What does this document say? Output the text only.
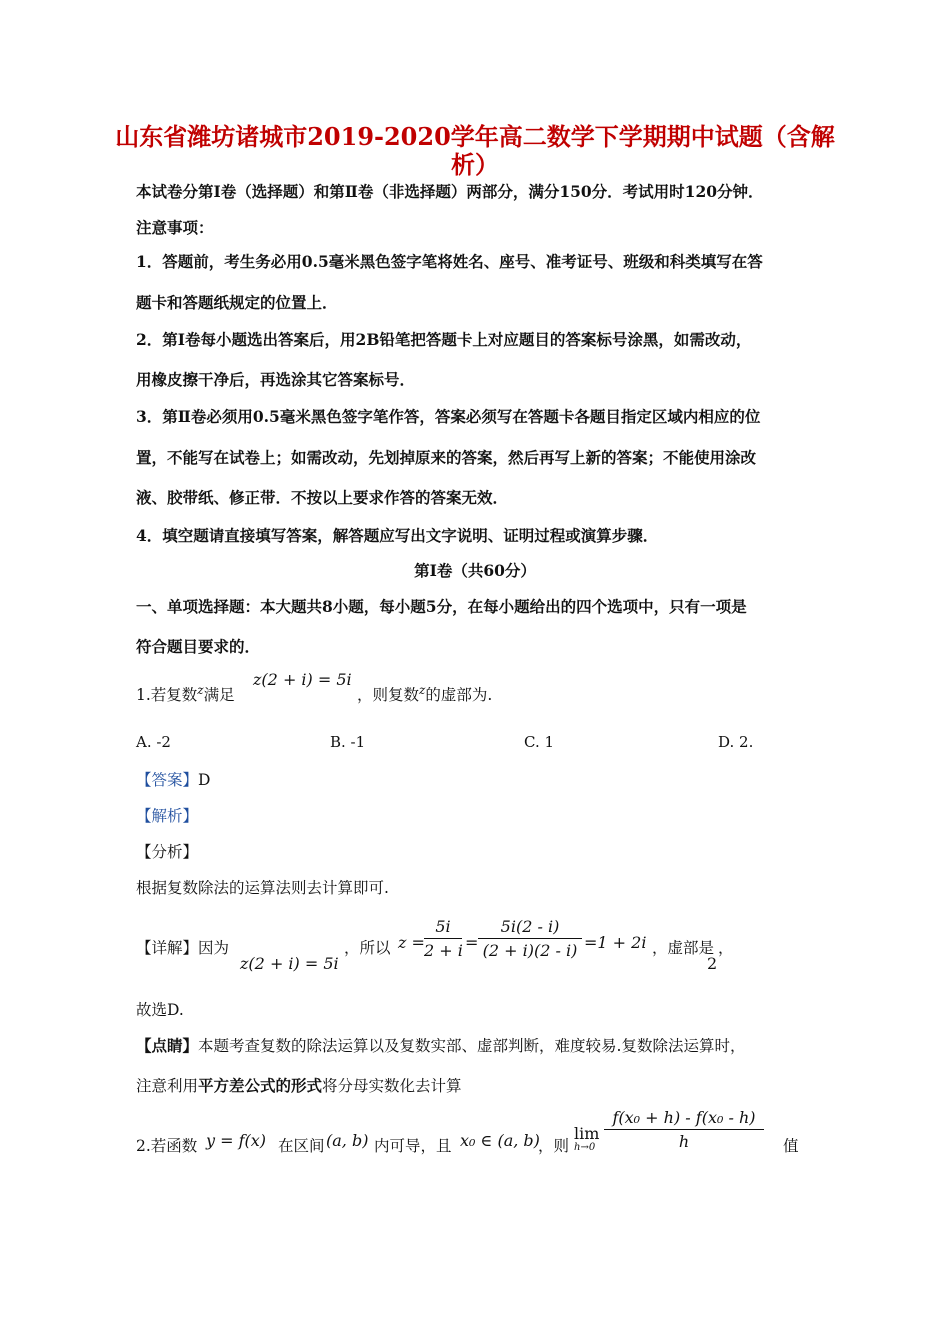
山东省潍坊诸城市2019-2020学年高二数学下学期期中试题（含解
析）
本试卷分第Ⅰ卷（选择题）和第Ⅱ卷（非选择题）两部分，满分150分．考试用时120分钟．
注意事项：
1．答题前，考生务必用0.5毫米黑色签字笔将姓名、座号、准考证号、班级和科类填写在答
题卡和答题纸规定的位置上．
2．第Ⅰ卷每小题选出答案后，用2B铅笔把答题卡上对应题目的答案标号涂黑，如需改动，
用橡皮擦干净后，再选涂其它答案标号．
3．第Ⅱ卷必须用0.5毫米黑色签字笔作答，答案必须写在答题卡各题目指定区域内相应的位
置，不能写在试卷上；如需改动，先划掉原来的答案，然后再写上新的答案；不能使用涂改
液、胶带纸、修正带．不按以上要求作答的答案无效．
4．填空题请直接填写答案，解答题应写出文字说明、证明过程或演算步骤．
第Ⅰ卷（共60分）
一、单项选择题：本大题共8小题，每小题5分，在每小题给出的四个选项中，只有一项是
符合题目要求的．
1.若复数$^z$满足
z(2 + i) = 5i
，则复数$^z$的虚部为.
A. -2	B. -1	C. 1	D. 2.
【答案】D
【解析】
【分析】
根据复数除法的运算法则去计算即可.
【详解】因为
z(2 + i) = 5i
，所以 z =
5i
2 + i =
5i(2 - i)
(2 + i)(2 - i) =1 + 2i ，虚部是
2
，
故选D.
【点睛】本题考查复数的除法运算以及复数实部、虚部判断，难度较易.复数除法运算时，
注意利用平方差公式的形式将分母实数化去计算
2.若函数 y = f(x) 在区间 (a, b) 内可导，且 x₀ ∈ (a, b)
，则
lim
h→0
f(x₀ + h) - f(x₀ - h)
h	值
